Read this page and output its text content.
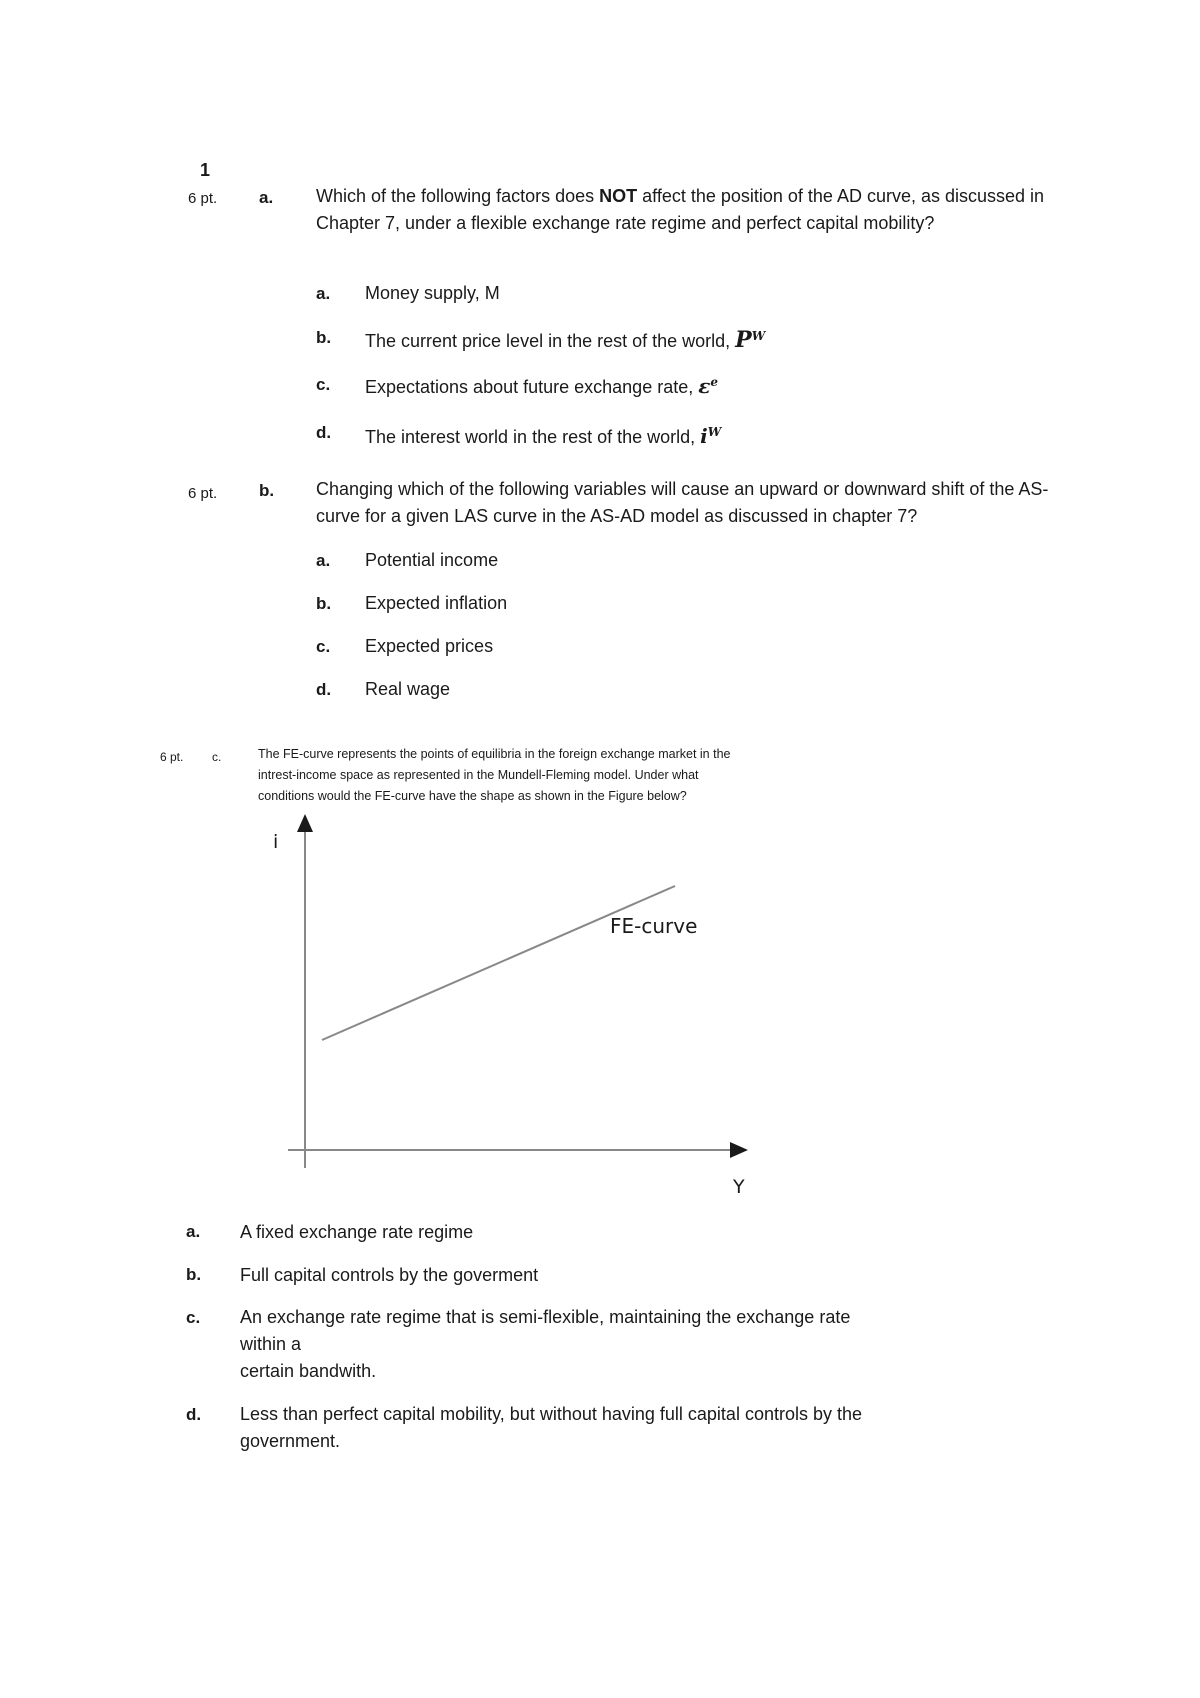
1
6 pt. a. Which of the following factors does NOT affect the position of the AD curve, as discussed in Chapter 7, under a flexible exchange rate regime and perfect capital mobility?
a. Money supply, M
b. The current price level in the rest of the world, $P^W$
c. Expectations about future exchange rate, $\varepsilon^e$
d. The interest world in the rest of the world, $i^W$
6 pt. b. Changing which of the following variables will cause an upward or downward shift of the AS-curve for a given LAS curve in the AS-AD model as discussed in chapter 7?
a. Potential income
b. Expected inflation
c. Expected prices
d. Real wage
6 pt. c.	The FE-curve represents the points of equilibria in the foreign exchange market in the
intrest-income space as represented in the Mundell-Fleming model. Under what
conditions would the FE-curve have the shape as shown in the Figure below?
i
Y
FE-curve
a. A fixed exchange rate regime
b. Full capital controls by the goverment
c. An exchange rate regime that is semi-flexible, maintaining the exchange rate
within a
certain bandwith.
d. Less than perfect capital mobility, but without having full capital controls by the
government.
